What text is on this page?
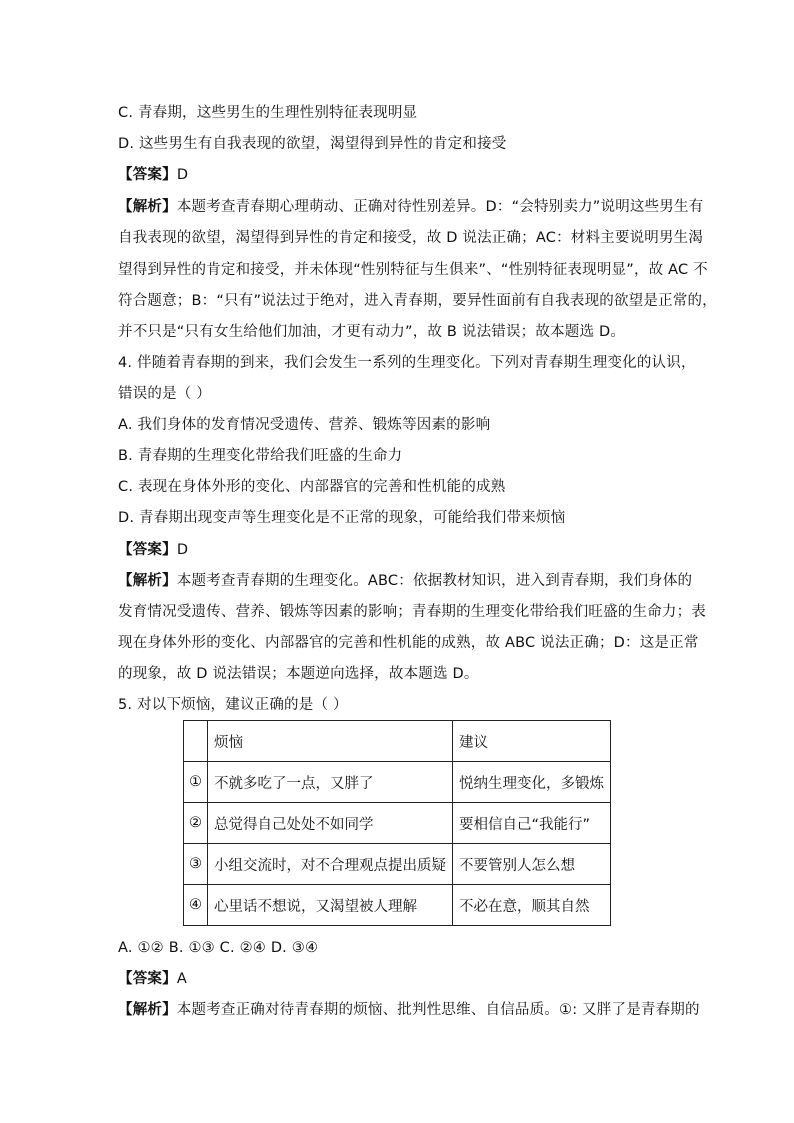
C. 青春期，这些男生的生理性别特征表现明显
D. 这些男生有自我表现的欲望，渴望得到异性的肯定和接受
【答案】D
【解析】本题考查青春期心理萌动、正确对待性别差异。D：“会特别卖力”说明这些男生有
自我表现的欲望，渴望得到异性的肯定和接受，故 D 说法正确；AC：材料主要说明男生渴
望得到异性的肯定和接受，并未体现“性别特征与生俱来”、“性别特征表现明显”，故 AC 不
符合题意；B：“只有”说法过于绝对，进入青春期，要异性面前有自我表现的欲望是正常的，
并不只是“只有女生给他们加油，才更有动力”，故 B 说法错误；故本题选 D。
4. 伴随着青春期的到来，我们会发生一系列的生理变化。下列对青春期生理变化的认识，
错误的是（ ）
A. 我们身体的发育情况受遗传、营养、锻炼等因素的影响
B. 青春期的生理变化带给我们旺盛的生命力
C. 表现在身体外形的变化、内部器官的完善和性机能的成熟
D. 青春期出现变声等生理变化是不正常的现象，可能给我们带来烦恼
【答案】D
【解析】本题考查青春期的生理变化。ABC：依据教材知识，进入到青春期，我们身体的
发育情况受遗传、营养、锻炼等因素的影响；青春期的生理变化带给我们旺盛的生命力；表
现在身体外形的变化、内部器官的完善和性机能的成熟，故 ABC 说法正确；D：这是正常
的现象，故 D 说法错误；本题逆向选择，故本题选 D。
5. 对以下烦恼，建议正确的是（ ）
	烦恼	建议
①	不就多吃了一点，又胖了	悦纳生理变化，多锻炼
②	总觉得自己处处不如同学	要相信自己“我能行”
③	小组交流时，对不合理观点提出质疑	不要管别人怎么想
④	心里话不想说，又渴望被人理解	不必在意，顺其自然
A. ①② B. ①③ C. ②④ D. ③④
【答案】A
【解析】本题考查正确对待青春期的烦恼、批判性思维、自信品质。①: 又胖了是青春期的
